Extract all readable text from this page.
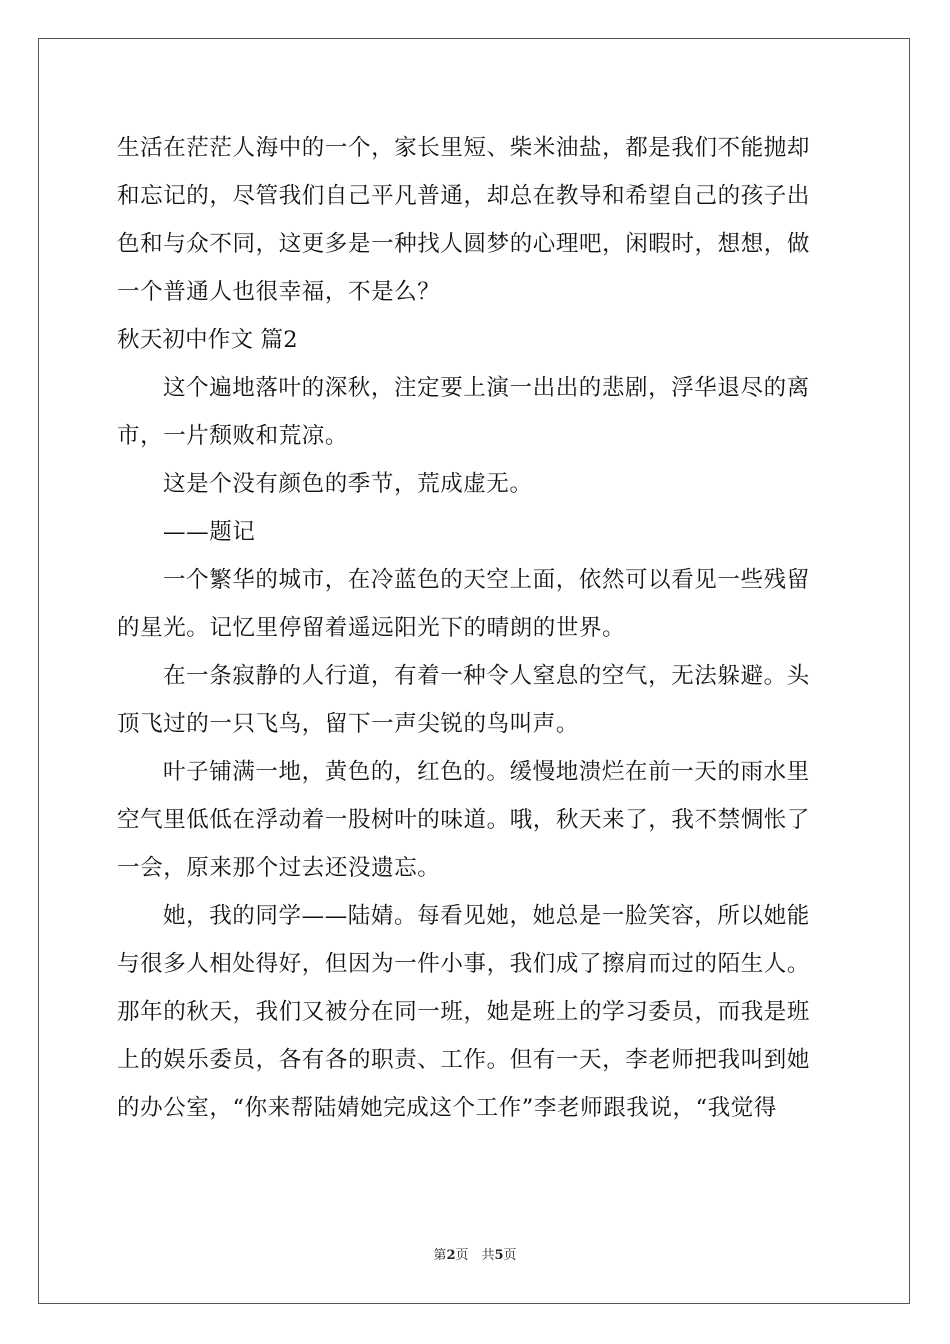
生活在茫茫人海中的一个，家长里短、柴米油盐，都是我们不能抛却

和忘记的，尽管我们自己平凡普通，却总在教导和希望自己的孩子出

色和与众不同，这更多是一种找人圆梦的心理吧，闲暇时，想想，做

一个普通人也很幸福，不是么？

秋天初中作文 篇2

这个遍地落叶的深秋，注定要上演一出出的悲剧，浮华退尽的离

市，一片颓败和荒凉。

这是个没有颜色的季节，荒成虚无。

——题记

一个繁华的城市，在冷蓝色的天空上面，依然可以看见一些残留

的星光。记忆里停留着遥远阳光下的晴朗的世界。

在一条寂静的人行道，有着一种令人窒息的空气，无法躲避。头

顶飞过的一只飞鸟，留下一声尖锐的鸟叫声。

叶子铺满一地，黄色的，红色的。缓慢地溃烂在前一天的雨水里

空气里低低在浮动着一股树叶的味道。哦，秋天来了，我不禁惆怅了

一会，原来那个过去还没遗忘。

她，我的同学——陆婧。每看见她，她总是一脸笑容，所以她能

与很多人相处得好，但因为一件小事，我们成了擦肩而过的陌生人。

那年的秋天，我们又被分在同一班，她是班上的学习委员，而我是班

上的娱乐委员，各有各的职责、工作。但有一天，李老师把我叫到她

的办公室，“你来帮陆婧她完成这个工作”李老师跟我说，“我觉得

第2页　共5页
